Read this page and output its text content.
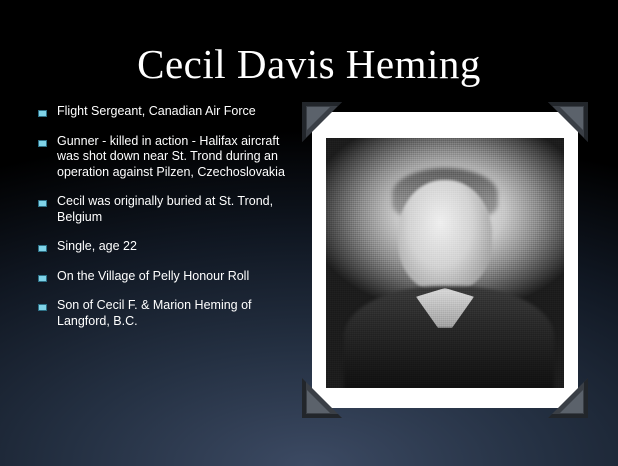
Cecil Davis Heming
Flight Sergeant, Canadian Air Force
Gunner - killed in action - Halifax aircraft was shot down near St. Trond during an operation against Pilzen, Czechoslovakia
Cecil was originally buried at St. Trond, Belgium
Single, age 22
On the Village of Pelly Honour Roll
Son of Cecil F. & Marion Heming of Langford, B.C.
